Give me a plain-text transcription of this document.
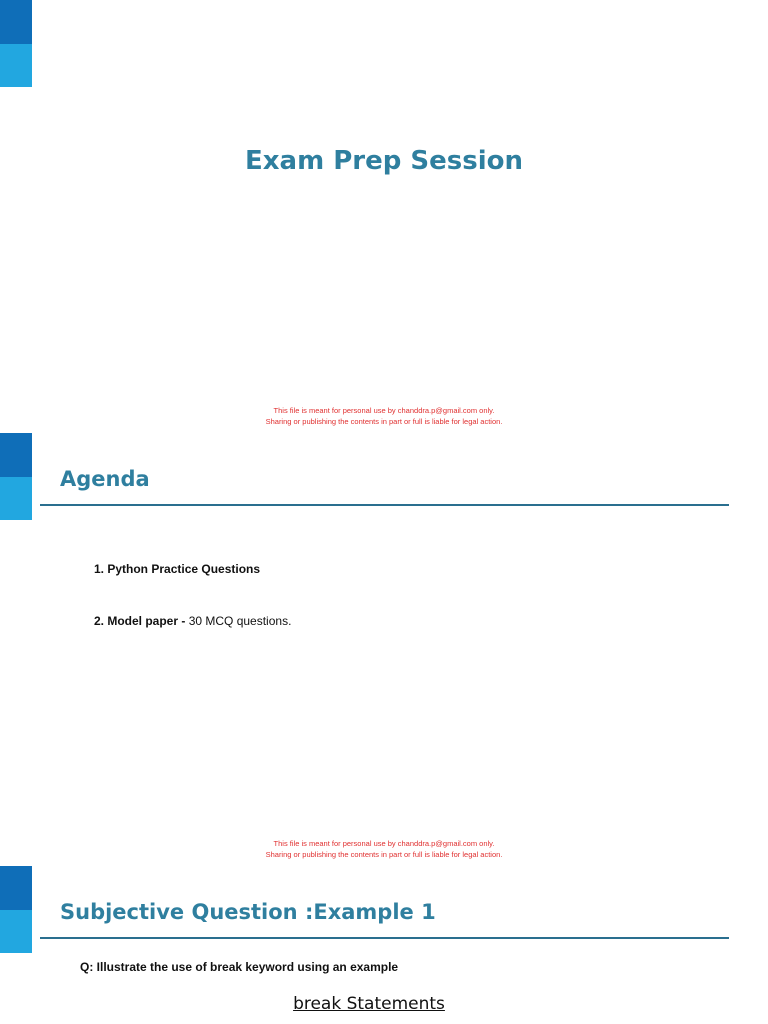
Exam Prep Session
This file is meant for personal use by chanddra.p@gmail.com only.
Sharing or publishing the contents in part or full is liable for legal action.
Agenda
1. Python Practice Questions
2. Model paper - 30 MCQ questions.
This file is meant for personal use by chanddra.p@gmail.com only.
Sharing or publishing the contents in part or full is liable for legal action.
Subjective Question :Example 1
Q: Illustrate the use of break keyword using an example
break Statements
